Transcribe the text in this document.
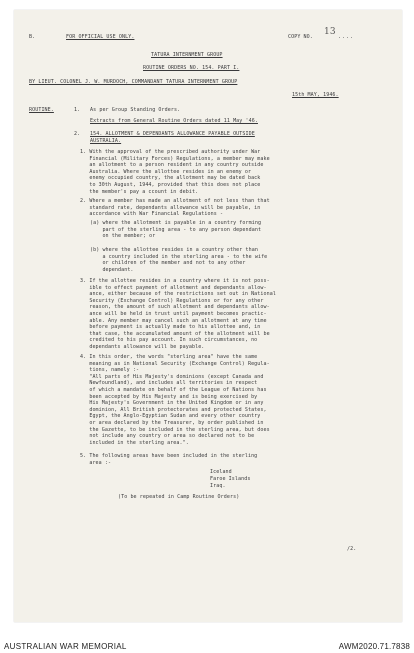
B.	FOR OFFICIAL USE ONLY.	COPY NO. 13 ....
TATURA INTERNMENT GROUP
ROUTINE ORDERS NO. 154. PART I.
BY LIEUT. COLONEL J. W. MURDOCH, COMMANDANT TATURA INTERNMENT GROUP
15th MAY, 1946.
ROUTINE.	1. As per Group Standing Orders.
Extracts from General Routine Orders dated 11 May '46.
2. 154. ALLOTMENT & DEPENDANTS ALLOWANCE PAYABLE OUTSIDE
AUSTRALIA.
1. With the approval of the prescribed authority under War
Financial (Military Forces) Regulations, a member may make
an allotment to a person resident in any country outside
Australia. Where the allottee resides in an enemy or
enemy occupied country, the allotment may be dated back
to 30th August, 1944, provided that this does not place
the member's pay a ccount in debit.
2. Where a member has made an allotment of not less than that
standard rate, dependants allowance will be payable, in
accordance with War Financial Regulations -
(a) where the allotment is payable in a country forming
part of the sterling area - to any person dependant
on the member; or
(b) where the allottee resides in a country other than
a country included in the sterling area - to the wife
or children of the member and not to any other
dependant.
3. If the allottee resides in a country where it is not poss-
ible to effect payment of allotment and dependants allow-
ance, either because of the restrictions set out in National
Security (Exchange Control) Regulations or for any other
reason, the amount of such allotment and dependants allow-
ance will be held in trust until payment becomes practic-
able. Any member may cancel such an allotment at any time
before payment is actually made to his allottee and, in
that case, the accumulated amount of the allotment will be
credited to his pay account. In such circumstances, no
dependants allowance will be payable.
4. In this order, the words "sterling area" have the same
meaning as in National Security (Exchange Control) Regula-
tions, namely :-
"All parts of His Majesty's dominions (except Canada and
Newfoundland), and includes all territories in respect
of which a mandate on behalf of the League of Nations has
been accepted by His Majesty and is being exercised by
His Majesty's Government in the United Kingdom or in any
dominion, All British protectorates and protected States,
Egypt, the Anglo-Egyptian Sudan and every other country
or area declared by the Treasurer, by order published in
the Gazette, to be included in the sterling area, but does
not include any country or area so declared not to be
included in the sterling area.".
5. The following areas have been included in the sterling
area :-
Iceland
Faroe Islands
Iraq.
(To be repeated in Camp Routine Orders)
/2.
AUSTRALIAN WAR MEMORIAL	AWM2020.71.7838
